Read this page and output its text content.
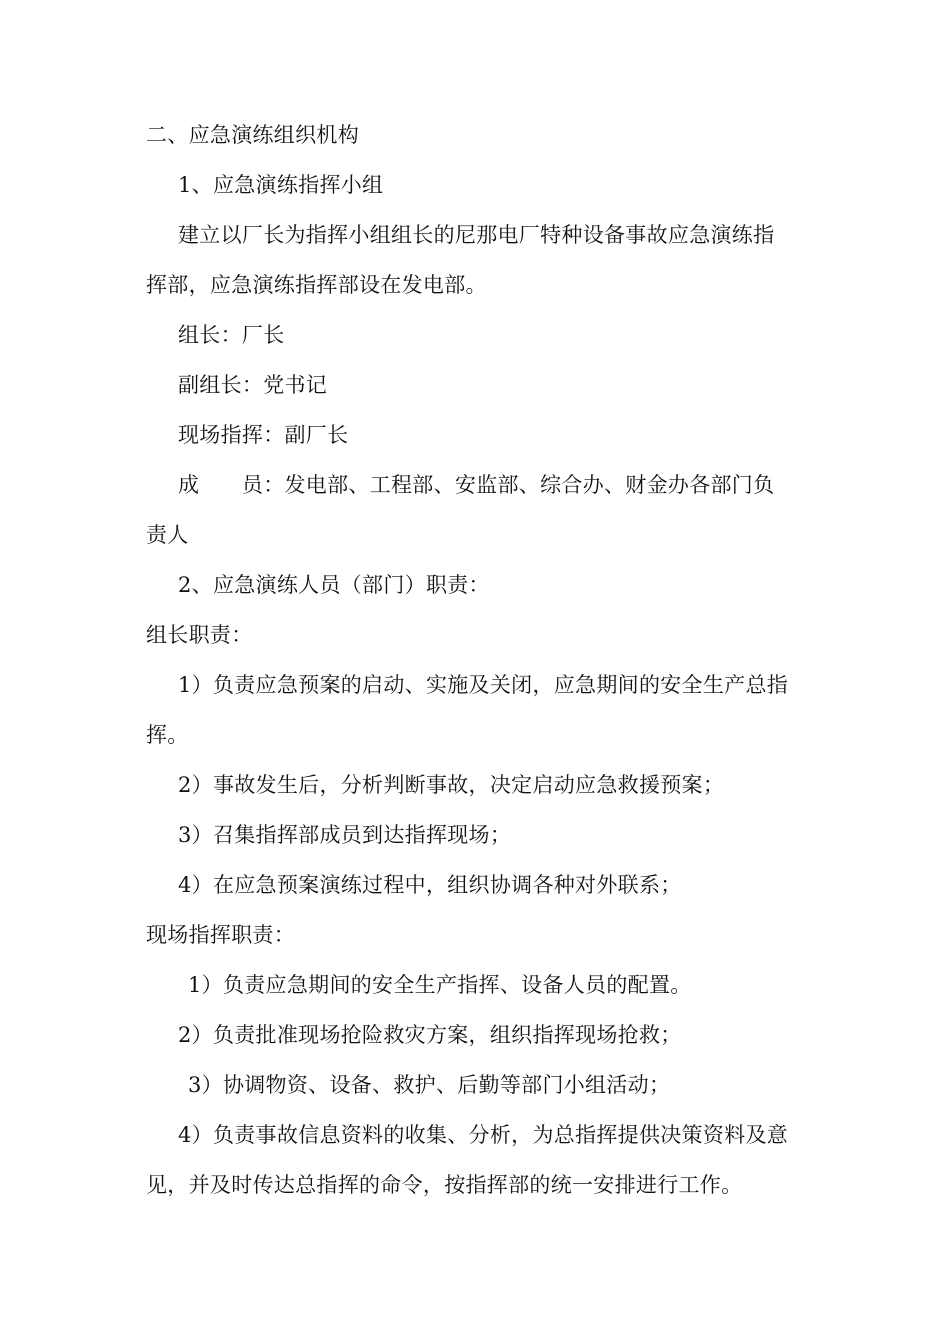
二、应急演练组织机构
1、应急演练指挥小组
建立以厂长为指挥小组组长的尼那电厂特种设备事故应急演练指
挥部，应急演练指挥部设在发电部。
组长：厂长
副组长：党书记
现场指挥：副厂长
成　　员：发电部、工程部、安监部、综合办、财金办各部门负
责人
2、应急演练人员（部门）职责：
组长职责：
1）负责应急预案的启动、实施及关闭，应急期间的安全生产总指
挥。
2）事故发生后，分析判断事故，决定启动应急救援预案；
3）召集指挥部成员到达指挥现场；
4）在应急预案演练过程中，组织协调各种对外联系；
现场指挥职责：
1）负责应急期间的安全生产指挥、设备人员的配置。
2）负责批准现场抢险救灾方案，组织指挥现场抢救；
3）协调物资、设备、救护、后勤等部门小组活动；
4）负责事故信息资料的收集、分析，为总指挥提供决策资料及意
见，并及时传达总指挥的命令，按指挥部的统一安排进行工作。
